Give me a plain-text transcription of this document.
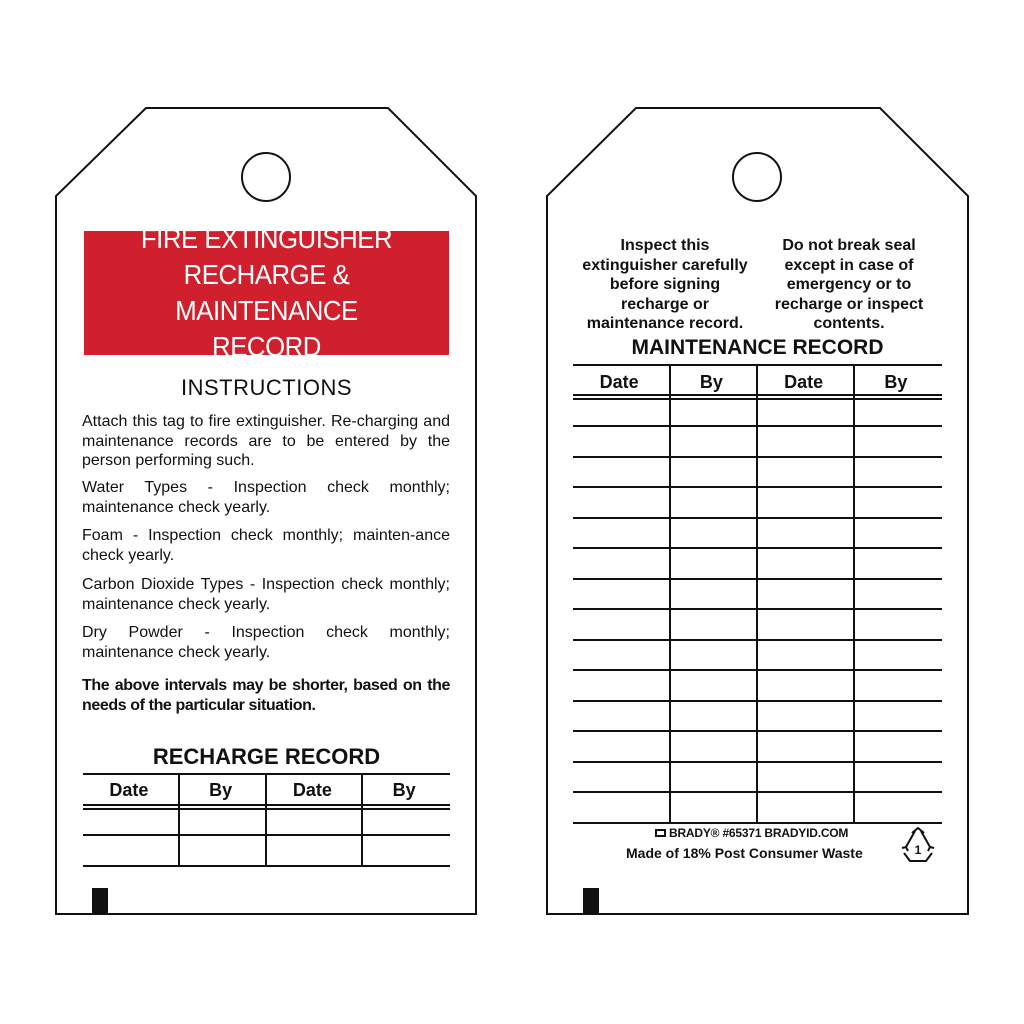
FIRE EXTINGUISHER
RECHARGE & MAINTENANCE
RECORD
INSTRUCTIONS
Attach this tag to fire extinguisher. Re-charging and maintenance records are to be entered by the person performing such.
Water Types - Inspection check monthly; maintenance check yearly.
Foam - Inspection check monthly; mainten-ance check yearly.
Carbon Dioxide Types - Inspection check monthly; maintenance check yearly.
Dry Powder - Inspection check monthly; maintenance check yearly.
The above intervals may be shorter, based on the needs of the particular situation.
RECHARGE RECORD
Date	By	Date	By
Inspect this extinguisher carefully before signing recharge or maintenance record.
Do not break seal except in case of emergency or to recharge or inspect contents.
MAINTENANCE RECORD
Date	By	Date	By
BRADY® #65371 BRADYID.COM
Made of 18% Post Consumer Waste	1
